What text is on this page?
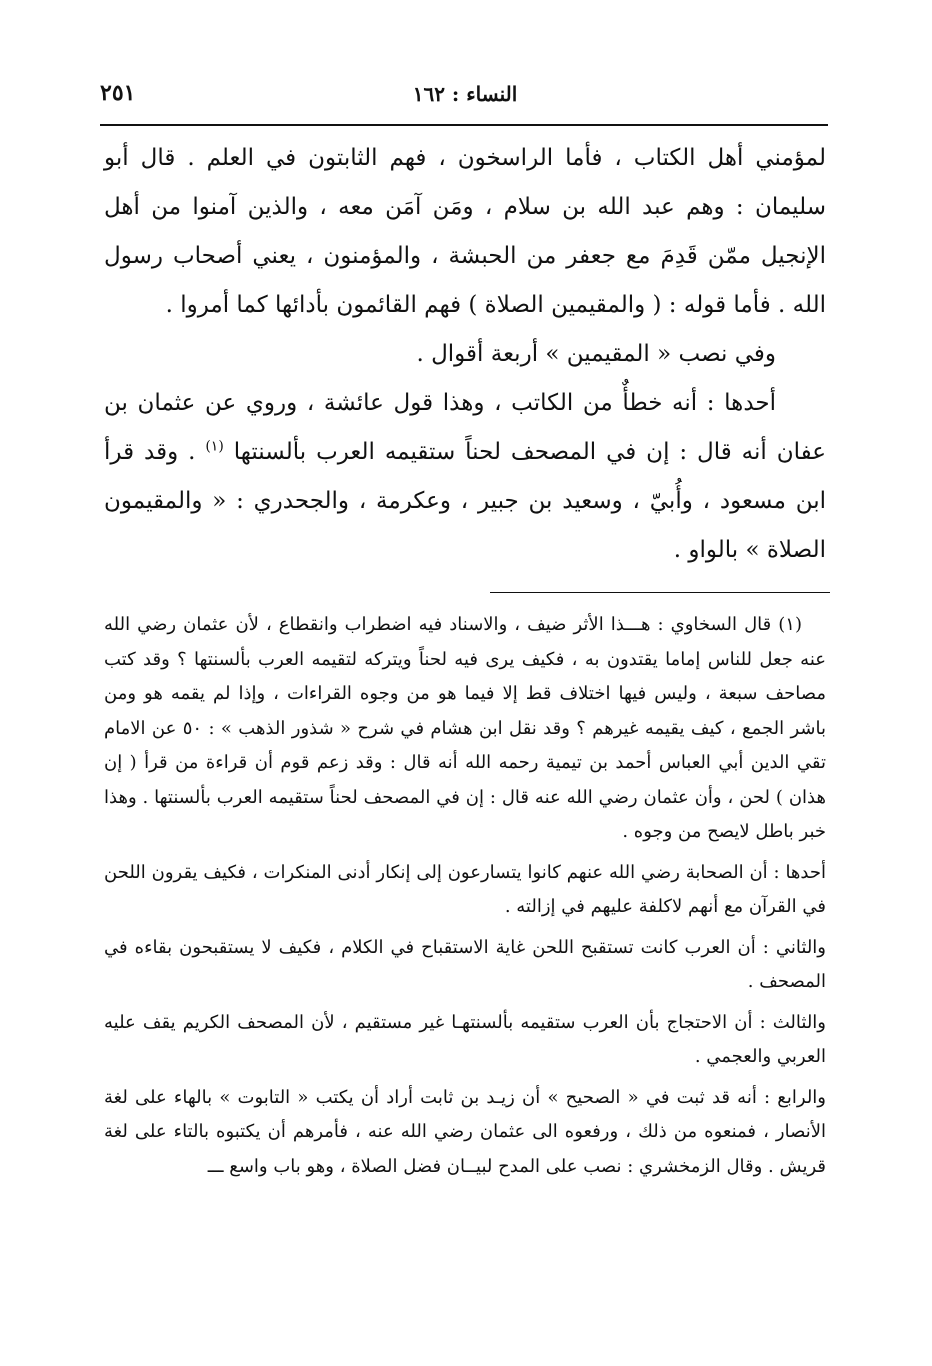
النساء : ١٦٢
٢٥١

لمؤمني أهل الكتاب ، فأما الراسخون ، فهم الثابتون في العلم . قال أبو سليمان : وهم عبد الله بن سلام ، ومَن آمَن معه ، والذين آمنوا من أهل الإنجيل ممّن قَدِمَ مع جعفر من الحبشة ، والمؤمنون ، يعني أصحاب رسول الله . فأما قوله : ( والمقيمين الصلاة ) فهم القائمون بأدائها كما أمروا .

وفي نصب « المقيمين » أربعة أقوال .

أحدها : أنه خطأٌ من الكاتب ، وهذا قول عائشة ، وروي عن عثمان بن عفان أنه قال : إن في المصحف لحناً ستقيمه العرب بألسنتها $^{(١)}$ . وقد قرأ ابن مسعود ، وأُبيّ ، وسعيد بن جبير ، وعكرمة ، والجحدري : « والمقيمون الصلاة » بالواو .

(١) قال السخاوي : هـــذا الأثر ضيف ، والاسناد فيه اضطراب وانقطاع ، لأن عثمان رضي الله عنه جعل للناس إماما يقتدون به ، فكيف يرى فيه لحناً ويتركه لتقيمه العرب بألسنتها ؟ وقد كتب مصاحف سبعة ، وليس فيها اختلاف قط إلا فيما هو من وجوه القراءات ، وإذا لم يقمه هو ومن باشر الجمع ، كيف يقيمه غيرهم ؟ وقد نقل ابن هشام في شرح « شذور الذهب » : ٥٠ عن الامام تقي الدين أبي العباس أحمد بن تيمية رحمه الله أنه قال : وقد زعم قوم أن قراءة من قرأ ( إن هذان ) لحن ، وأن عثمان رضي الله عنه قال : إن في المصحف لحناً ستقيمه العرب بألسنتها . وهذا خبر باطل لايصح من وجوه .

أحدها : أن الصحابة رضي الله عنهم كانوا يتسارعون إلى إنكار أدنى المنكرات ، فكيف يقرون اللحن في القرآن مع أنهم لاكلفة عليهم في إزالته .

والثاني : أن العرب كانت تستقبح اللحن غاية الاستقباح في الكلام ، فكيف لا يستقبحون بقاءه في المصحف .

والثالث : أن الاحتجاج بأن العرب ستقيمه بألسنتهـا غير مستقيم ، لأن المصحف الكريم يقف عليه العربي والعجمي .

والرابع : أنه قد ثبت في « الصحيح » أن زيـد بن ثابت أراد أن يكتب « التابوت » بالهاء على لغة الأنصار ، فمنعوه من ذلك ، ورفعوه الى عثمان رضي الله عنه ، فأمرهم أن يكتبوه بالتاء على لغة قريش . وقال الزمخشري : نصب على المدح لبيــان فضل الصلاة ، وهو باب واسع ـــ
